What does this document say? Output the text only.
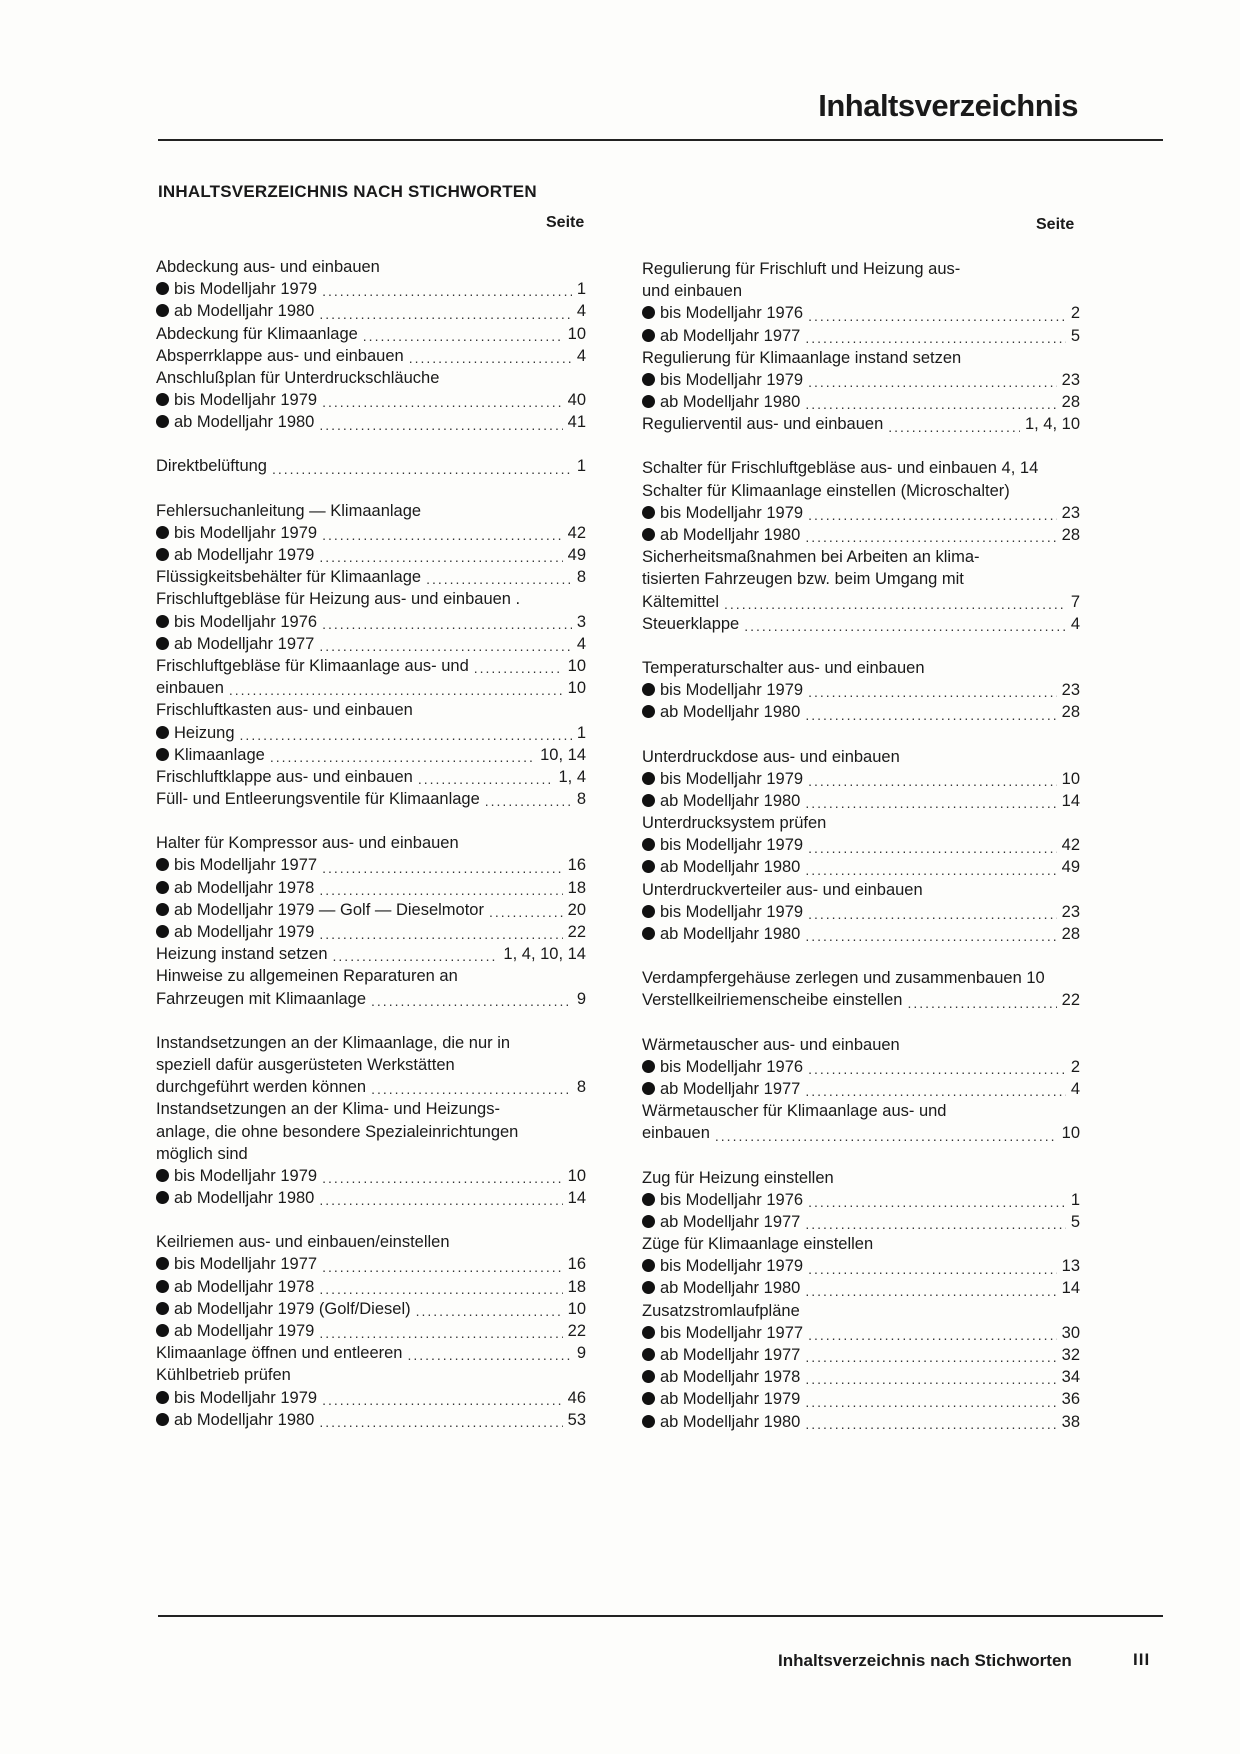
Inhaltsverzeichnis
INHALTSVERZEICHNIS NACH STICHWORTEN
Seite	Seite
Abdeckung aus- und einbauen
bis Modelljahr 1979 .....	1
ab Modelljahr 1980 .....	4
Abdeckung für Klimaanlage .....	10
Absperrklappe aus- und einbauen .....	4
Anschlußplan für Unterdruckschläuche
bis Modelljahr 1979 .....	40
ab Modelljahr 1980 .....	41
Direktbelüftung .....	1
Fehlersuchanleitung — Klimaanlage
bis Modelljahr 1979 .....	42
ab Modelljahr 1979 .....	49
Flüssigkeitsbehälter für Klimaanlage .....	8
Frischluftgebläse für Heizung aus- und einbauen .
bis Modelljahr 1976 .....	3
ab Modelljahr 1977 .....	4
Frischluftgebläse für Klimaanlage aus- und .....	10
einbauen .....	10
Frischluftkasten aus- und einbauen
Heizung .....	1
Klimaanlage .....	10, 14
Frischluftklappe aus- und einbauen .....	1, 4
Füll- und Entleerungsventile für Klimaanlage .....	8
Halter für Kompressor aus- und einbauen
bis Modelljahr 1977 .....	16
ab Modelljahr 1978 .....	18
ab Modelljahr 1979 — Golf — Dieselmotor .....	20
ab Modelljahr 1979 .....	22
Heizung instand setzen .....	1, 4, 10, 14
Hinweise zu allgemeinen Reparaturen an
Fahrzeugen mit Klimaanlage .....	9
Instandsetzungen an der Klimaanlage, die nur in
speziell dafür ausgerüsteten Werkstätten
durchgeführt werden können .....	8
Instandsetzungen an der Klima- und Heizungs-
anlage, die ohne besondere Spezialeinrichtungen
möglich sind
bis Modelljahr 1979 .....	10
ab Modelljahr 1980 .....	14
Keilriemen aus- und einbauen/einstellen
bis Modelljahr 1977 .....	16
ab Modelljahr 1978 .....	18
ab Modelljahr 1979 (Golf/Diesel) .....	10
ab Modelljahr 1979 .....	22
Klimaanlage öffnen und entleeren .....	9
Kühlbetrieb prüfen
bis Modelljahr 1979 .....	46
ab Modelljahr 1980 .....	53
Regulierung für Frischluft und Heizung aus-
und einbauen
bis Modelljahr 1976 .....	2
ab Modelljahr 1977 .....	5
Regulierung für Klimaanlage instand setzen
bis Modelljahr 1979 .....	23
ab Modelljahr 1980 .....	28
Regulierventil aus- und einbauen .....	1, 4, 10
Schalter für Frischluftgebläse aus- und einbauen 4, 14
Schalter für Klimaanlage einstellen (Microschalter)
bis Modelljahr 1979 .....	23
ab Modelljahr 1980 .....	28
Sicherheitsmaßnahmen bei Arbeiten an klima-
tisierten Fahrzeugen bzw. beim Umgang mit
Kältemittel .....	7
Steuerklappe .....	4
Temperaturschalter aus- und einbauen
bis Modelljahr 1979 .....	23
ab Modelljahr 1980 .....	28
Unterdruckdose aus- und einbauen
bis Modelljahr 1979 .....	10
ab Modelljahr 1980 .....	14
Unterdrucksystem prüfen
bis Modelljahr 1979 .....	42
ab Modelljahr 1980 .....	49
Unterdruckverteiler aus- und einbauen
bis Modelljahr 1979 .....	23
ab Modelljahr 1980 .....	28
Verdampfergehäuse zerlegen und zusammenbauen 10
Verstellkeilriemenscheibe einstellen .....	22
Wärmetauscher aus- und einbauen
bis Modelljahr 1976 .....	2
ab Modelljahr 1977 .....	4
Wärmetauscher für Klimaanlage aus- und
einbauen .....	10
Zug für Heizung einstellen
bis Modelljahr 1976 .....	1
ab Modelljahr 1977 .....	5
Züge für Klimaanlage einstellen
bis Modelljahr 1979 .....	13
ab Modelljahr 1980 .....	14
Zusatzstromlaufpläne
bis Modelljahr 1977 .....	30
ab Modelljahr 1977 .....	32
ab Modelljahr 1978 .....	34
ab Modelljahr 1979 .....	36
ab Modelljahr 1980 .....	38
Inhaltsverzeichnis nach Stichworten	III
